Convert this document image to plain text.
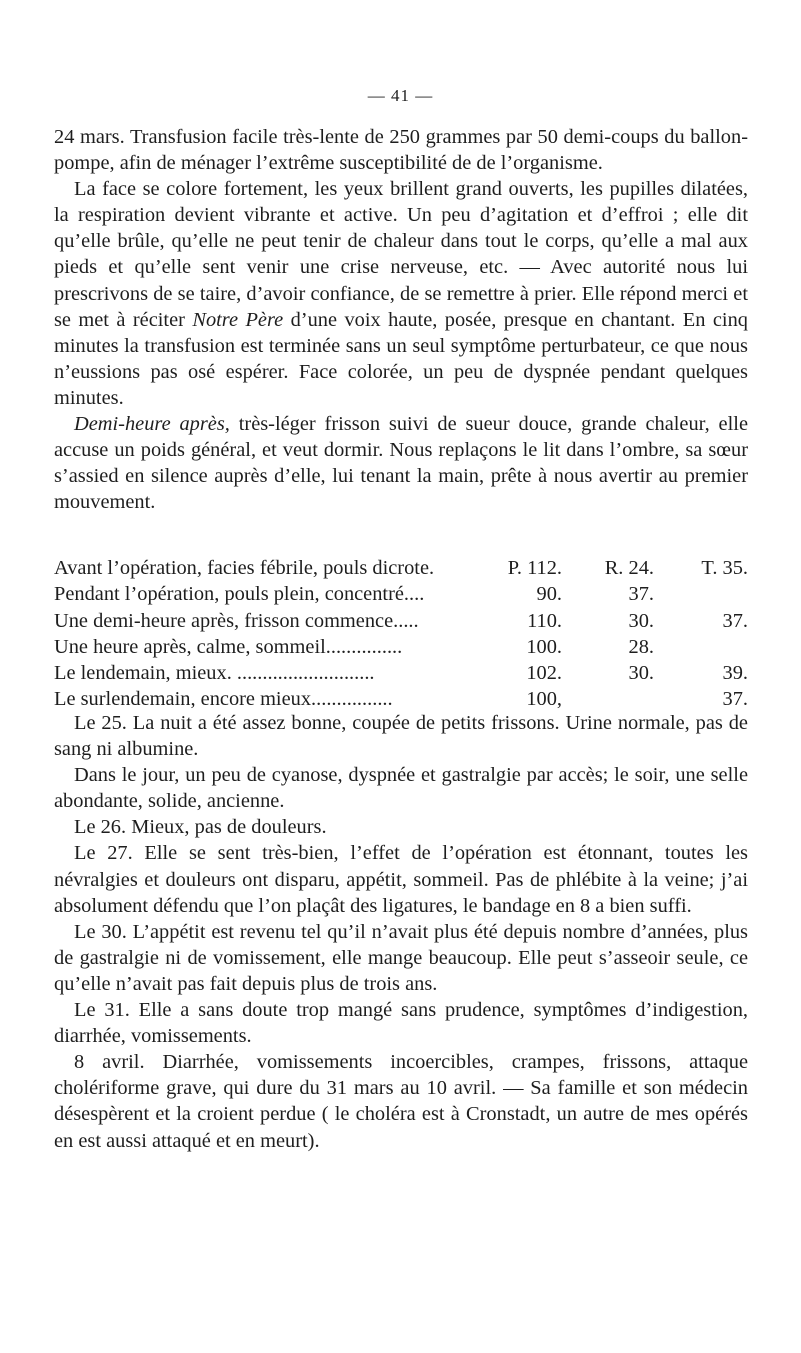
— 41 —

24 mars. Transfusion facile très-lente de 250 grammes par 50 demi-coups du ballon-pompe, afin de ménager l’extrême susceptibilité de de l’organisme.

La face se colore fortement, les yeux brillent grand ouverts, les pupilles dilatées, la respiration devient vibrante et active. Un peu d’agitation et d’effroi ; elle dit qu’elle brûle, qu’elle ne peut tenir de chaleur dans tout le corps, qu’elle a mal aux pieds et qu’elle sent venir une crise nerveuse, etc. — Avec autorité nous lui prescrivons de se taire, d’avoir confiance, de se remettre à prier. Elle répond merci et se met à réciter Notre Père d’une voix haute, posée, presque en chantant. En cinq minutes la transfusion est terminée sans un seul symptôme perturbateur, ce que nous n’eussions pas osé espérer. Face colorée, un peu de dyspnée pendant quelques minutes.

Demi-heure après, très-léger frisson suivi de sueur douce, grande chaleur, elle accuse un poids général, et veut dormir. Nous replaçons le lit dans l’ombre, sa sœur s’assied en silence auprès d’elle, lui tenant la main, prête à nous avertir au premier mouvement.

Avant l’opération, facies fébrile, pouls dicrote.	P. 112.	R. 24.	T. 35.
Pendant l’opération, pouls plein, concentré....	90.	37.	
Une demi-heure après, frisson commence.....	110.	30.	37.
Une heure après, calme, sommeil...............	100.	28.	
Le lendemain, mieux. ...........................	102.	30.	39.
Le surlendemain, encore mieux................	100,		37.

Le 25. La nuit a été assez bonne, coupée de petits frissons. Urine normale, pas de sang ni albumine.

Dans le jour, un peu de cyanose, dyspnée et gastralgie par accès; le soir, une selle abondante, solide, ancienne.

Le 26. Mieux, pas de douleurs.

Le 27. Elle se sent très-bien, l’effet de l’opération est étonnant, toutes les névralgies et douleurs ont disparu, appétit, sommeil. Pas de phlébite à la veine; j’ai absolument défendu que l’on plaçât des ligatures, le bandage en 8 a bien suffi.

Le 30. L’appétit est revenu tel qu’il n’avait plus été depuis nombre d’années, plus de gastralgie ni de vomissement, elle mange beaucoup. Elle peut s’asseoir seule, ce qu’elle n’avait pas fait depuis plus de trois ans.

Le 31. Elle a sans doute trop mangé sans prudence, symptômes d’indigestion, diarrhée, vomissements.

8 avril. Diarrhée, vomissements incoercibles, crampes, frissons, attaque cholériforme grave, qui dure du 31 mars au 10 avril. — Sa famille et son médecin désespèrent et la croient perdue ( le choléra est à Cronstadt, un autre de mes opérés en est aussi attaqué et en meurt).
